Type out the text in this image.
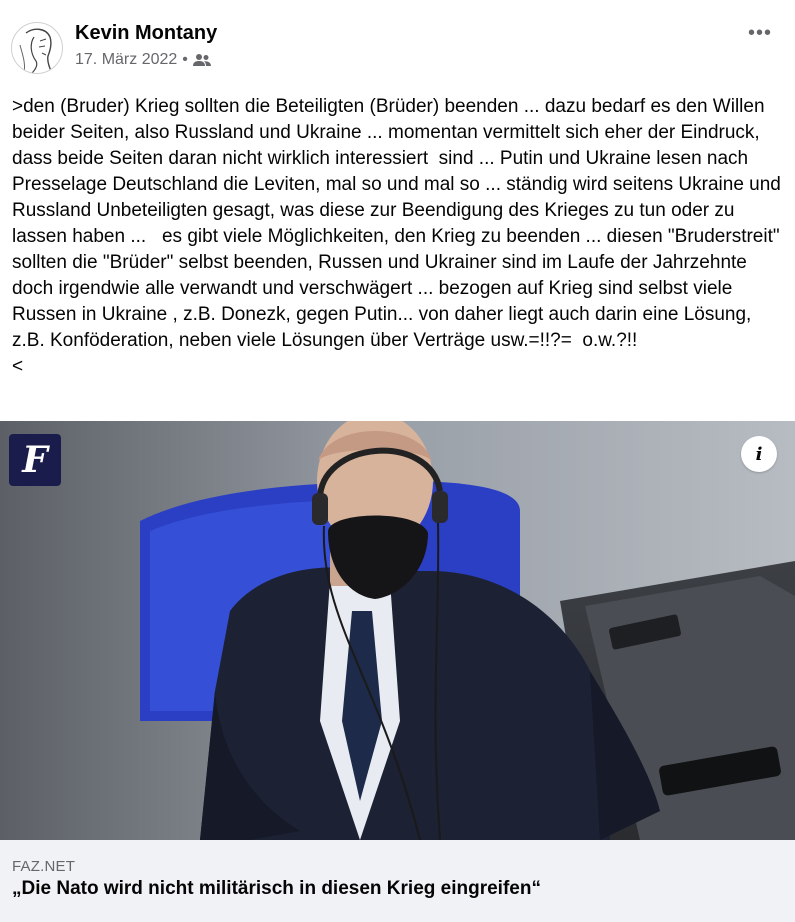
Kevin Montany
17. März 2022 •
•••
>den (Bruder) Krieg sollten die Beteiligten (Brüder) beenden ... dazu bedarf es den Willen beider Seiten, also Russland und Ukraine ... momentan vermittelt sich eher der Eindruck, dass beide Seiten daran nicht wirklich interessiert  sind ... Putin und Ukraine lesen nach Presselage Deutschland die Leviten, mal so und mal so ... ständig wird seitens Ukraine und Russland Unbeteiligten gesagt, was diese zur Beendigung des Krieges zu tun oder zu lassen haben ...   es gibt viele Möglichkeiten, den Krieg zu beenden ... diesen "Bruderstreit" sollten die "Brüder" selbst beenden, Russen und Ukrainer sind im Laufe der Jahrzehnte doch irgendwie alle verwandt und verschwägert ... bezogen auf Krieg sind selbst viele Russen in Ukraine , z.B. Donezk, gegen Putin... von daher liegt auch darin eine Lösung, z.B. Konföderation, neben viele Lösungen über Verträge usw.=!!?=  o.w.?!!
<
F	i
FAZ.NET
„Die Nato wird nicht militärisch in diesen Krieg eingreifen“
